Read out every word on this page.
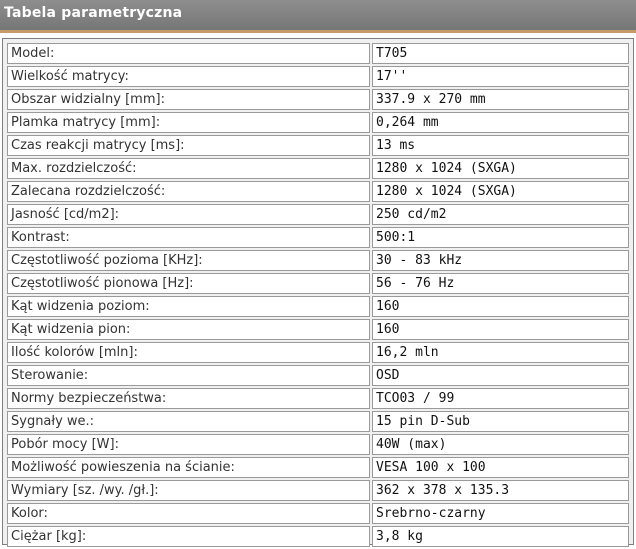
Tabela parametryczna
Model:	T705
Wielkość matrycy:	17''
Obszar widzialny [mm]:	337.9 x 270 mm
Plamka matrycy [mm]:	0,264 mm
Czas reakcji matrycy [ms]:	13 ms
Max. rozdzielczość:	1280 x 1024 (SXGA)
Zalecana rozdzielczość:	1280 x 1024 (SXGA)
Jasność [cd/m2]:	250 cd/m2
Kontrast:	500:1
Częstotliwość pozioma [KHz]:	30 - 83 kHz
Częstotliwość pionowa [Hz]:	56 - 76 Hz
Kąt widzenia poziom:	160
Kąt widzenia pion:	160
Ilość kolorów [mln]:	16,2 mln
Sterowanie:	OSD
Normy bezpieczeństwa:	TCO03 / 99
Sygnały we.:	15 pin D-Sub
Pobór mocy [W]:	40W (max)
Możliwość powieszenia na ścianie:	VESA 100 x 100
Wymiary [sz. /wy. /gł.]:	362 x 378 x 135.3
Kolor:	Srebrno-czarny
Ciężar [kg]:	3,8 kg
